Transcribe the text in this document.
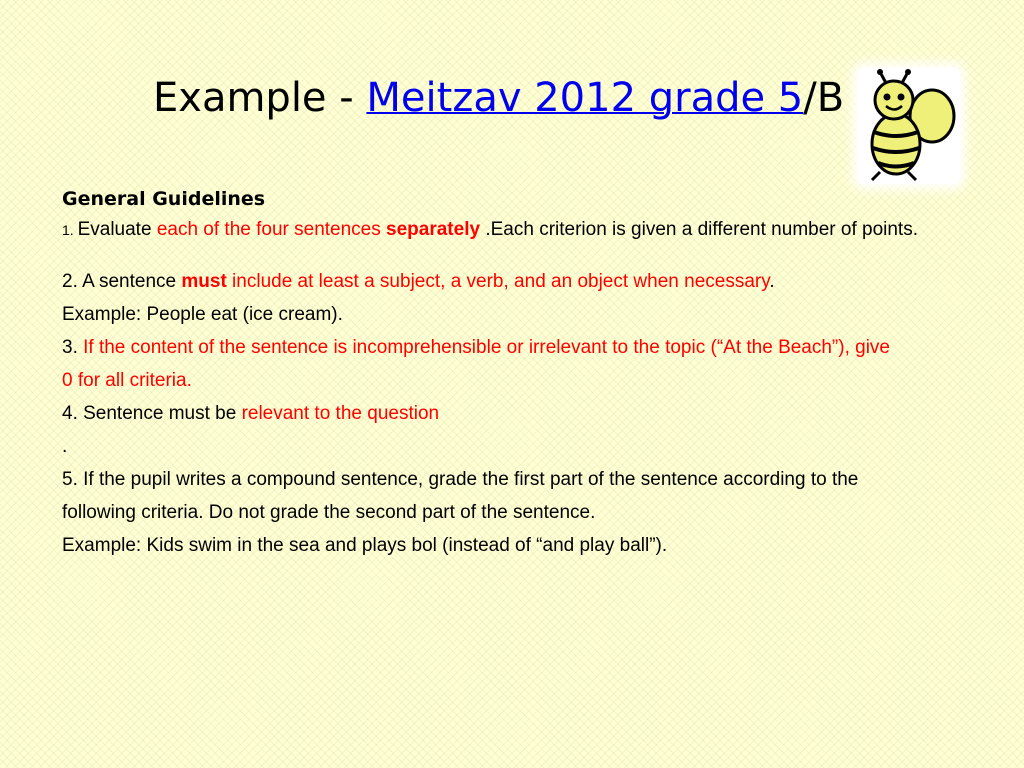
Example - Meitzav 2012 grade 5/B
General Guidelines

1. Evaluate each of the four sentences separately .Each criterion is given a different number of points.

2. A sentence must include at least a subject, a verb, and an object when necessary.

Example: People eat (ice cream).

3. If the content of the sentence is incomprehensible or irrelevant to the topic (“At the Beach”), give

0 for all criteria.

4. Sentence must be relevant to the question

.

5. If the pupil writes a compound sentence, grade the first part of the sentence according to the

following criteria. Do not grade the second part of the sentence.

Example: Kids swim in the sea and plays bol (instead of “and play ball”).
